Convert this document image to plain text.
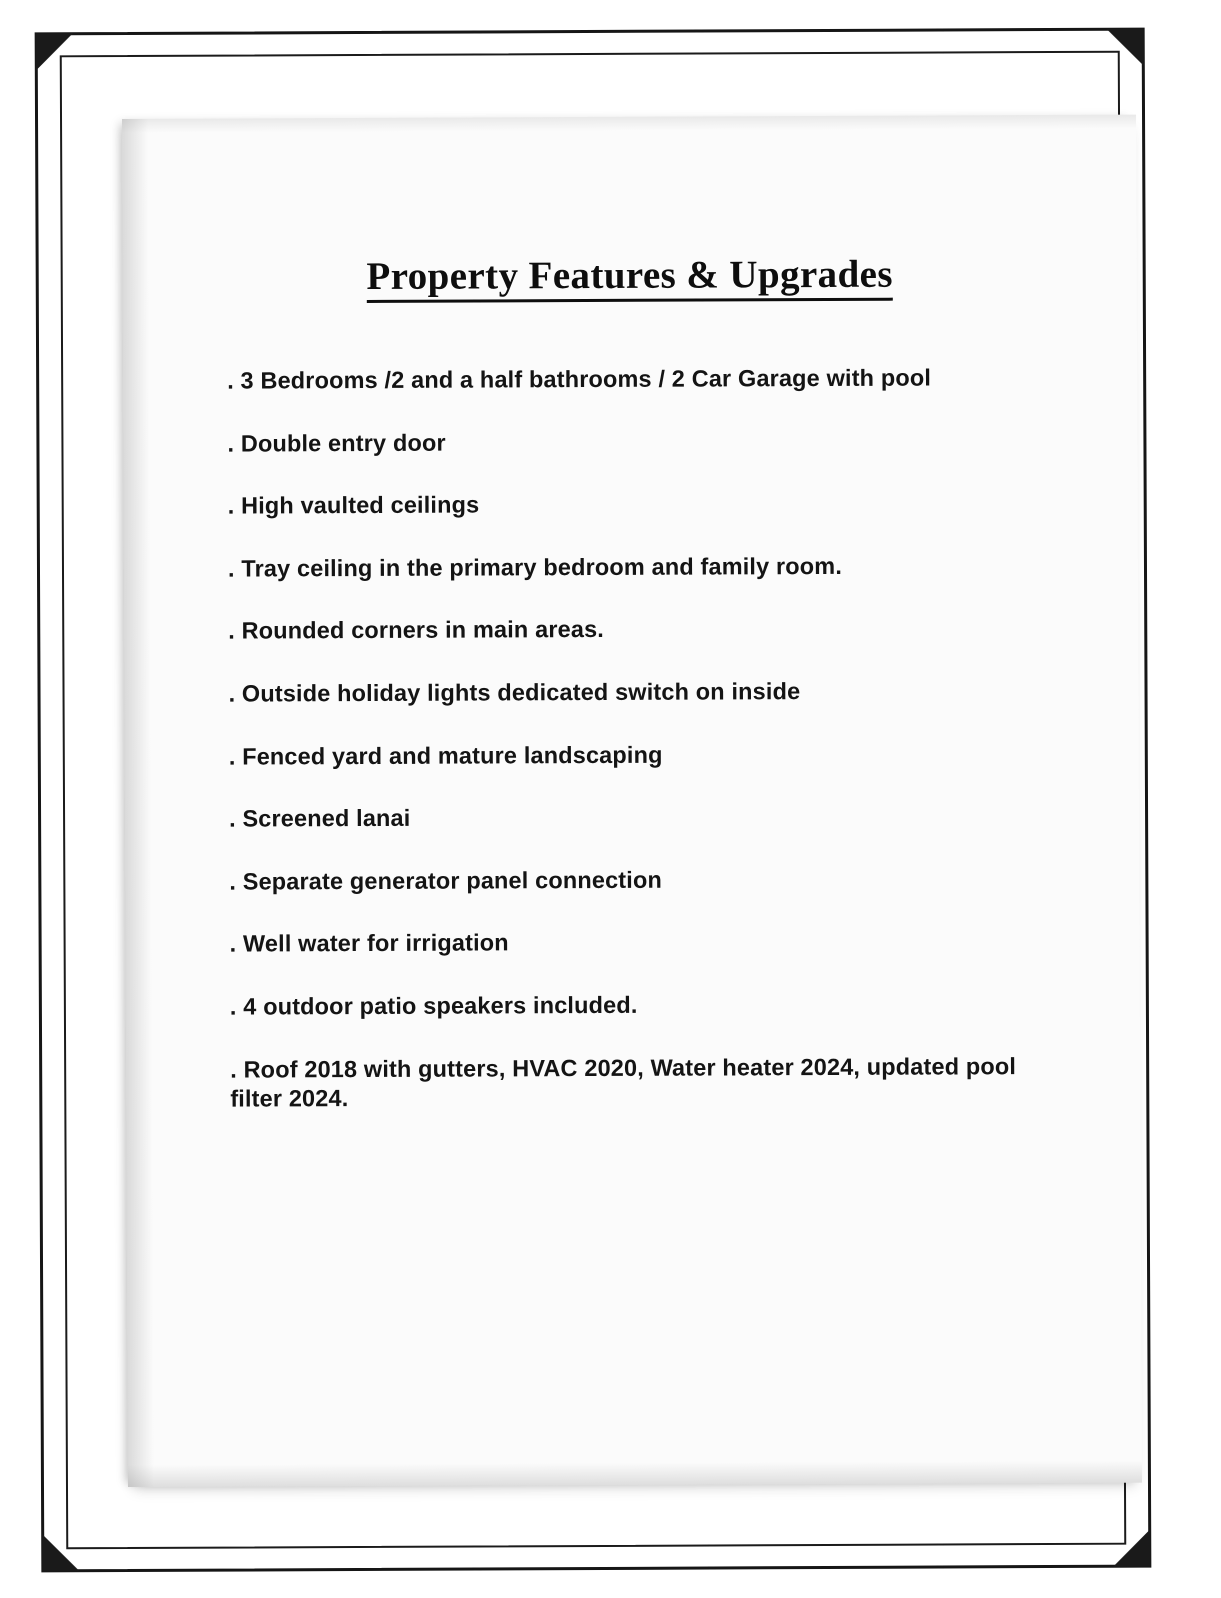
Property Features & Upgrades
. 3 Bedrooms /2 and a half bathrooms / 2 Car Garage with pool
. Double entry door
. High vaulted ceilings
. Tray ceiling in the primary bedroom and family room.
. Rounded corners in main areas.
. Outside holiday lights dedicated switch on inside
. Fenced yard and mature landscaping
. Screened lanai
. Separate generator panel connection
. Well water for irrigation
. 4 outdoor patio speakers included.
. Roof 2018 with gutters, HVAC 2020, Water heater 2024, updated pool filter 2024.
